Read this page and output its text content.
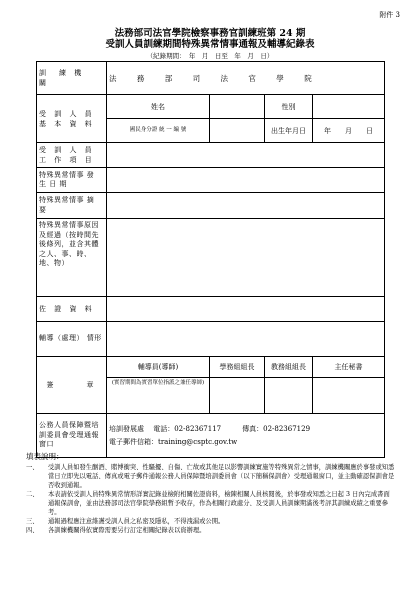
附件 3
法務部司法官學院檢察事務官訓練班第 24 期
受訓人員訓練期間特殊異常情事通報及輔導紀錄表
（紀錄期間：　年　月　日至　年　月　日）
訓　練 機　關	法 務 部 司 法 官 學 院				
受 訓 人 員 基 本 資 料	姓名		性別		
	國民身分證 統 一 編 號		出生年月日	年　　月　　日	
受 訓 人 員 工 作 項 目					
特殊異常情事 發 生 日 期					
特殊異常情事 摘　　　 要					
特殊異常情事原因及經過（按時間先後條列，並含其體之人、事、時、地、物）					
佐 證 資 料					
輔導（處理） 情形					
簽　　　章	輔導員(導師)	學務組組長	教務組組長	主任秘書	
	(實習期間為實習單位指派之兼任導師)				
公務人員保障暨培訓委員會受理通報窗口	培訓發展處　 電話：02-82367117　　　傳真：02-82367129
電子郵件信箱：training@csptc.gov.tw				
填表說明：
一、	受訓人員如發生酗酒、賭博衝突、性騷擾、自傷、亡故或其他足以影響訓練實施等特殊異常之情事，訓練機關應於事發或知悉當日立即先以電話、傳真或電子郵件通報公務人員保障暨培訓委員會（以下簡稱保訓會）受理通報窗口，並主動確認保訓會是否收到通報。
二、	本表請依受訓人員特殊異常情形詳實記錄並檢附相關佐證資料，檢陳相關人員核閱後，於事發或知悉之日起 3 日內完成書面通報保訓會，並由法務部司法官學院學務組暫予收存，作為相關行政處分、及受訓人員訓練期滿後考評其訓練成績之重要參考。
三、	通報過程應注意維護受訓人員之私密及隱私，不得洩漏或公開。
四、	各訓練機關得依實際需要另行訂定相關紀錄表以資辦理。
